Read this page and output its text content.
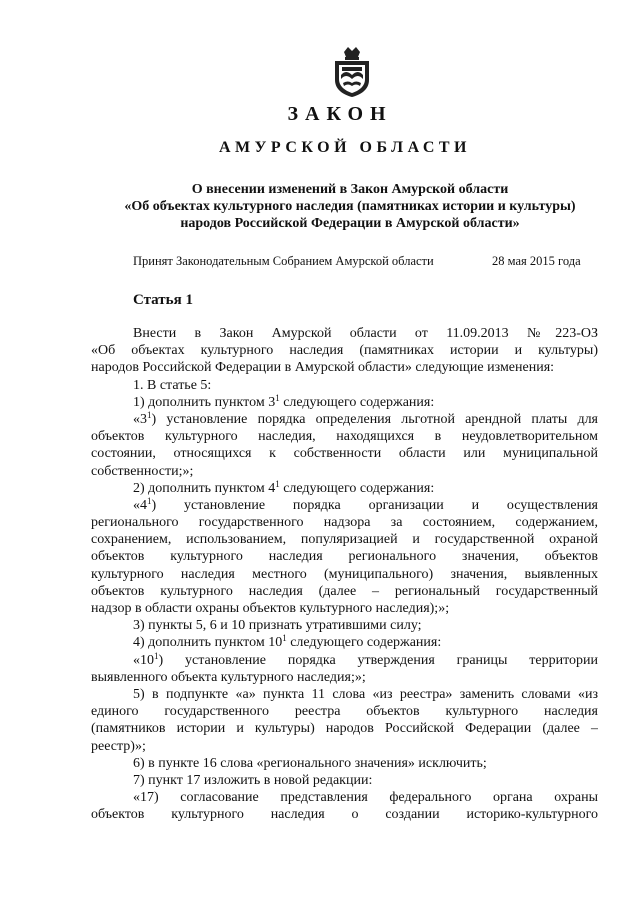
ЗАКОН
АМУРСКОЙ ОБЛАСТИ
О внесении изменений в Закон Амурской области
«Об объектах культурного наследия (памятниках истории и культуры)
народов Российской Федерации в Амурской области»
Принят Законодательным Собранием Амурской области	28 мая 2015 года
Статья 1
Внести в Закон Амурской области от 11.09.2013 №223-ОЗ
«Об объектах культурного наследия (памятниках истории и культуры)
народов Российской Федерации в Амурской области» следующие изменения:
1. В статье 5:
1) дополнить пунктом $3^1$ следующего содержания:
«$3^1$) установление порядка определения льготной арендной платы для
объектов культурного наследия, находящихся в неудовлетворительном
состоянии, относящихся к собственности области или муниципальной
собственности;»;
2) дополнить пунктом $4^1$ следующего содержания:
«$4^1$) установление порядка организации и осуществления
регионального государственного надзора за состоянием, содержанием,
сохранением, использованием, популяризацией и государственной охраной
объектов культурного наследия регионального значения, объектов
культурного наследия местного (муниципального) значения, выявленных
объектов культурного наследия (далее – региональный государственный
надзор в области охраны объектов культурного наследия);»;
3) пункты 5, 6 и 10 признать утратившими силу;
4) дополнить пунктом $10^1$ следующего содержания:
«$10^1$) установление порядка утверждения границы территории
выявленного объекта культурного наследия;»;
5) в подпункте «а» пункта 11 слова «из реестра» заменить словами «из
единого государственного реестра объектов культурного наследия
(памятников истории и культуры) народов Российской Федерации (далее –
реестр)»;
6) в пункте 16 слова «регионального значения» исключить;
7) пункт 17 изложить в новой редакции:
«17) согласование представления федерального органа охраны
объектов культурного наследия о создании историко-культурного
